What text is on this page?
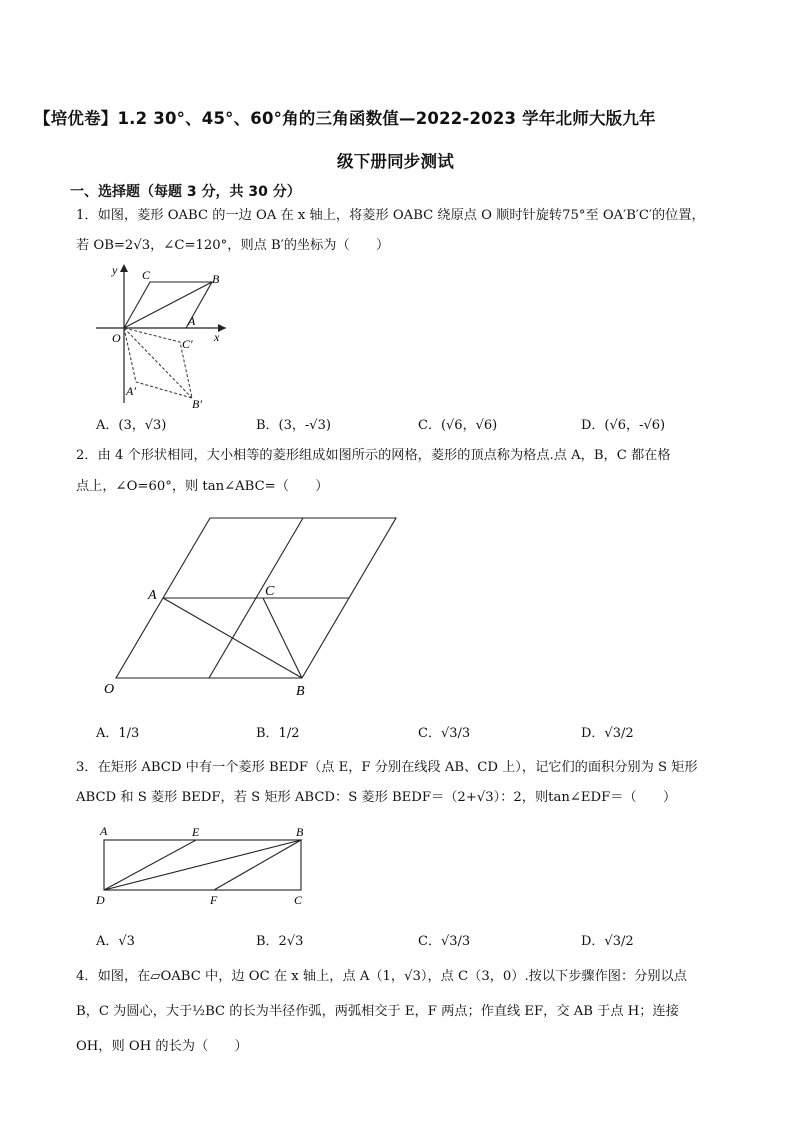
【培优卷】1.2 30°、45°、60°角的三角函数值—2022-2023 学年北师大版九年
级下册同步测试
一、选择题（每题 3 分，共 30 分）
1．如图，菱形 OABC 的一边 OA 在 x 轴上，将菱形 OABC 绕原点 O 顺时针旋转75°至 OA′B′C′的位置，
若 OB=2√3，∠C=120°，则点 B′的坐标为（　　）
y
x
O
C	B
A
C′
A′
B′
A．(3，√3)	B．(3，-√3)	C．(√6，√6)	D．(√6，-√6)
2．由 4 个形状相同，大小相等的菱形组成如图所示的网格，菱形的顶点称为格点.点 A，B，C 都在格
点上，∠O=60°，则 tan∠ABC=（　　）
A	C
O	B
A．1/3	B．1/2	C．√3/3	D．√3/2
3．在矩形 ABCD 中有一个菱形 BEDF（点 E，F 分别在线段 AB、CD 上），记它们的面积分别为 S 矩形
ABCD 和 S 菱形 BEDF，若 S 矩形 ABCD：S 菱形 BEDF＝（2+√3）：2，则tan∠EDF＝（　　）
A	E	B
D	F	C
A．√3	B．2√3	C．√3/3	D．√3/2
4．如图，在▱OABC 中，边 OC 在 x 轴上，点 A（1，√3），点 C（3，0）.按以下步骤作图：分别以点
B，C 为圆心，大于½BC 的长为半径作弧，两弧相交于 E，F 两点；作直线 EF，交 AB 于点 H；连接
OH，则 OH 的长为（　　）
